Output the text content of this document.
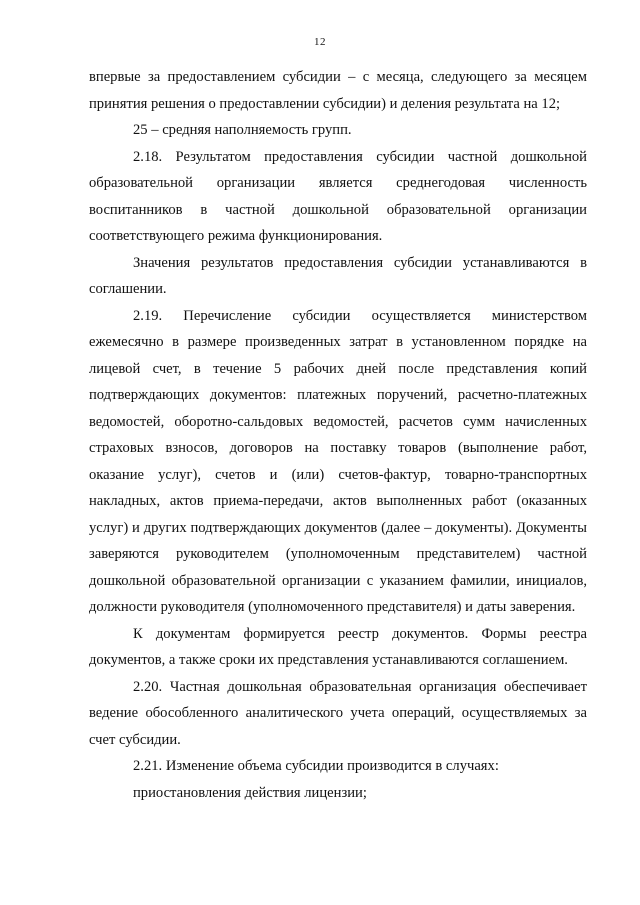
12

впервые за предоставлением субсидии – с месяца, следующего за месяцем принятия решения о предоставлении субсидии) и деления результата на 12;

25 – средняя наполняемость групп.

2.18. Результатом предоставления субсидии частной дошкольной образовательной организации является среднегодовая численность воспитанников в частной дошкольной образовательной организации соответствующего режима функционирования.

Значения результатов предоставления субсидии устанавливаются в соглашении.

2.19. Перечисление субсидии осуществляется министерством ежемесячно в размере произведенных затрат в установленном порядке на лицевой счет, в течение 5 рабочих дней после представления копий подтверждающих документов: платежных поручений, расчетно-платежных ведомостей, оборотно-сальдовых ведомостей, расчетов сумм начисленных страховых взносов, договоров на поставку товаров (выполнение работ, оказание услуг), счетов и (или) счетов-фактур, товарно-транспортных накладных, актов приема-передачи, актов выполненных работ (оказанных услуг) и других подтверждающих документов (далее – документы). Документы заверяются руководителем (уполномоченным представителем) частной дошкольной образовательной организации с указанием фамилии, инициалов, должности руководителя (уполномоченного представителя) и даты заверения.

К документам формируется реестр документов. Формы реестра документов, а также сроки их представления устанавливаются соглашением.

2.20. Частная дошкольная образовательная организация обеспечивает ведение обособленного аналитического учета операций, осуществляемых за счет субсидии.

2.21. Изменение объема субсидии производится в случаях:

приостановления действия лицензии;
